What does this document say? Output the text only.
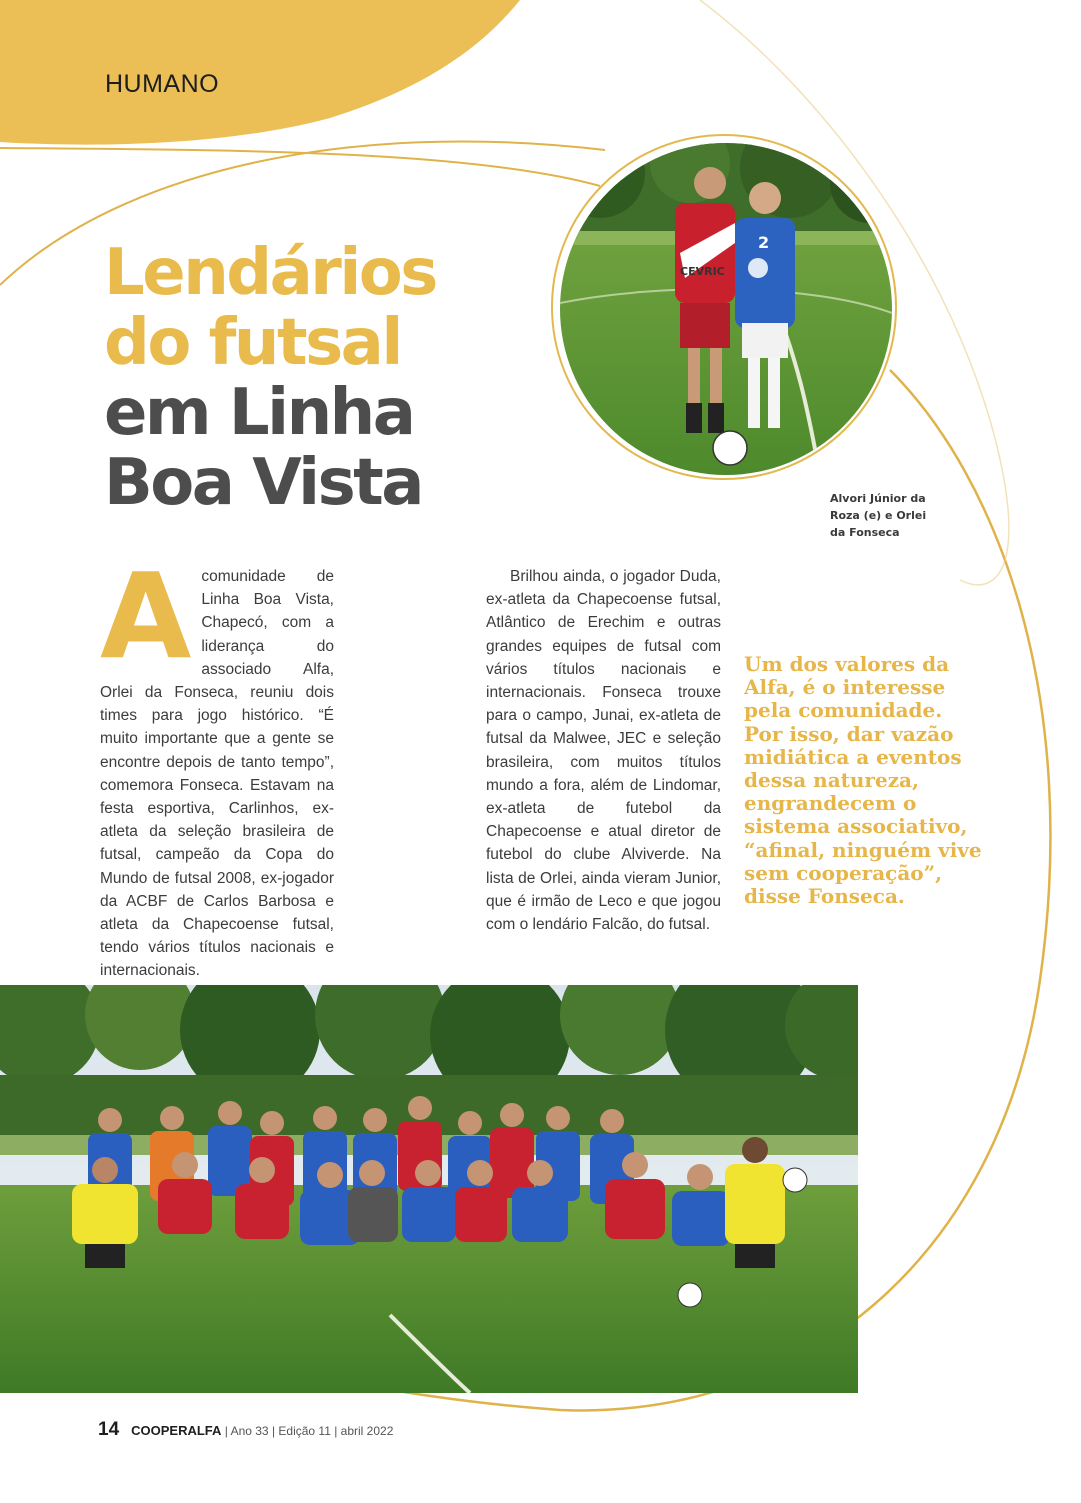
HUMANO
Lendários
do futsal
em Linha
Boa Vista
CEVRIC
2

Alvori Júnior da Roza (e) e Orlei da Fonseca

Acomunidade de Linha Boa Vista, Chapecó, com a liderança do associado Alfa, Orlei da Fonseca, reuniu dois times para jogo histórico. “É muito importante que a gente se encontre depois de tanto tempo”, comemora Fonseca. Estavam na festa esportiva, Carlinhos, ex-atleta da seleção brasileira de futsal, campeão da Copa do Mundo de futsal 2008, ex-jogador da ACBF de Carlos Barbosa e atleta da Chapecoense futsal, tendo vários títulos nacionais e internacionais.
Brilhou ainda, o jogador Duda, ex-atleta da Chapecoense futsal, Atlântico de Erechim e outras grandes equipes de futsal com vários títulos nacionais e internacionais. Fonseca trouxe para o campo, Junai, ex-atleta de futsal da Malwee, JEC e seleção brasileira, com muitos títulos mundo a fora, além de Lindomar, ex-atleta de futebol da Chapecoense e atual diretor de futebol do clube Alviverde. Na lista de Orlei, ainda vieram Junior, que é irmão de Leco e que jogou com o lendário Falcão, do futsal.

Um dos valores da Alfa, é o interesse pela comunidade. Por isso, dar vazão midiática a eventos dessa natureza, engrandecem o sistema associativo, “afinal, ninguém vive sem cooperação”, disse Fonseca.

14 COOPERALFA | Ano 33 | Edição 11 | abril 2022
